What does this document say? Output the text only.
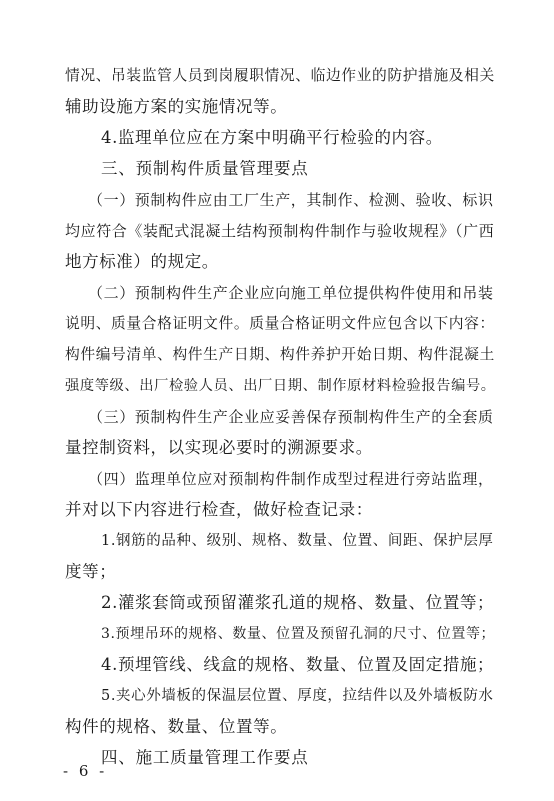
情况、吊装监管人员到岗履职情况、临边作业的防护措施及相关
辅助设施方案的实施情况等。
4.监理单位应在方案中明确平行检验的内容。
三、预制构件质量管理要点
（一）预制构件应由工厂生产，其制作、检测、验收、标识
均应符合《装配式混凝土结构预制构件制作与验收规程》（广西
地方标准）的规定。
（二）预制构件生产企业应向施工单位提供构件使用和吊装
说明、质量合格证明文件。质量合格证明文件应包含以下内容：
构件编号清单、构件生产日期、构件养护开始日期、构件混凝土
强度等级、出厂检验人员、出厂日期、制作原材料检验报告编号。
（三）预制构件生产企业应妥善保存预制构件生产的全套质
量控制资料，以实现必要时的溯源要求。
（四）监理单位应对预制构件制作成型过程进行旁站监理，
并对以下内容进行检查，做好检查记录：
1.钢筋的品种、级别、规格、数量、位置、间距、保护层厚
度等；
2.灌浆套筒或预留灌浆孔道的规格、数量、位置等；
3.预埋吊环的规格、数量、位置及预留孔洞的尺寸、位置等；
4.预埋管线、线盒的规格、数量、位置及固定措施；
5.夹心外墙板的保温层位置、厚度，拉结件以及外墙板防水
构件的规格、数量、位置等。
四、施工质量管理工作要点
- 6 -
